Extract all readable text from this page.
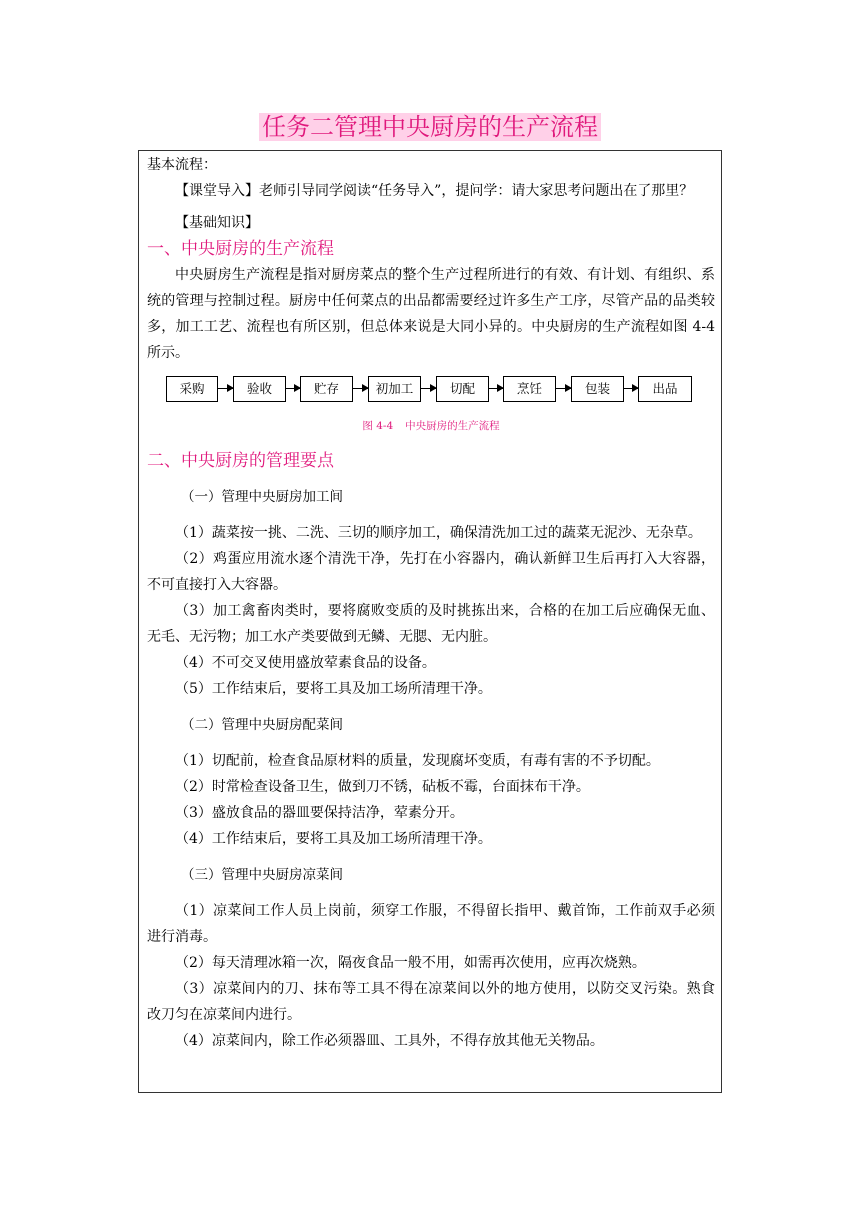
任务二管理中央厨房的生产流程

基本流程：

【课堂导入】老师引导同学阅读“任务导入”，提问学：请大家思考问题出在了那里？

【基础知识】

一、中央厨房的生产流程

中央厨房生产流程是指对厨房菜点的整个生产过程所进行的有效、有计划、有组织、系统的管理与控制过程。厨房中任何菜点的出品都需要经过许多生产工序，尽管产品的品类较多，加工工艺、流程也有所区别，但总体来说是大同小异的。中央厨房的生产流程如图 4-4 所示。

采购	验收	贮存	初加工	切配	烹饪	包装	出品

图 4-4 中央厨房的生产流程

二、中央厨房的管理要点

（一）管理中央厨房加工间

（1）蔬菜按一挑、二洗、三切的顺序加工，确保清洗加工过的蔬菜无泥沙、无杂草。

（2）鸡蛋应用流水逐个清洗干净，先打在小容器内，确认新鲜卫生后再打入大容器，不可直接打入大容器。

（3）加工禽畜肉类时，要将腐败变质的及时挑拣出来，合格的在加工后应确保无血、无毛、无污物；加工水产类要做到无鳞、无腮、无内脏。

（4）不可交叉使用盛放荤素食品的设备。

（5）工作结束后，要将工具及加工场所清理干净。

（二）管理中央厨房配菜间

（1）切配前，检查食品原材料的质量，发现腐坏变质，有毒有害的不予切配。

（2）时常检查设备卫生，做到刀不锈，砧板不霉，台面抹布干净。

（3）盛放食品的器皿要保持洁净，荤素分开。

（4）工作结束后，要将工具及加工场所清理干净。

（三）管理中央厨房凉菜间

（1）凉菜间工作人员上岗前，须穿工作服，不得留长指甲、戴首饰，工作前双手必须进行消毒。

（2）每天清理冰箱一次，隔夜食品一般不用，如需再次使用，应再次烧熟。

（3）凉菜间内的刀、抹布等工具不得在凉菜间以外的地方使用，以防交叉污染。熟食改刀匀在凉菜间内进行。

（4）凉菜间内，除工作必须器皿、工具外，不得存放其他无关物品。
